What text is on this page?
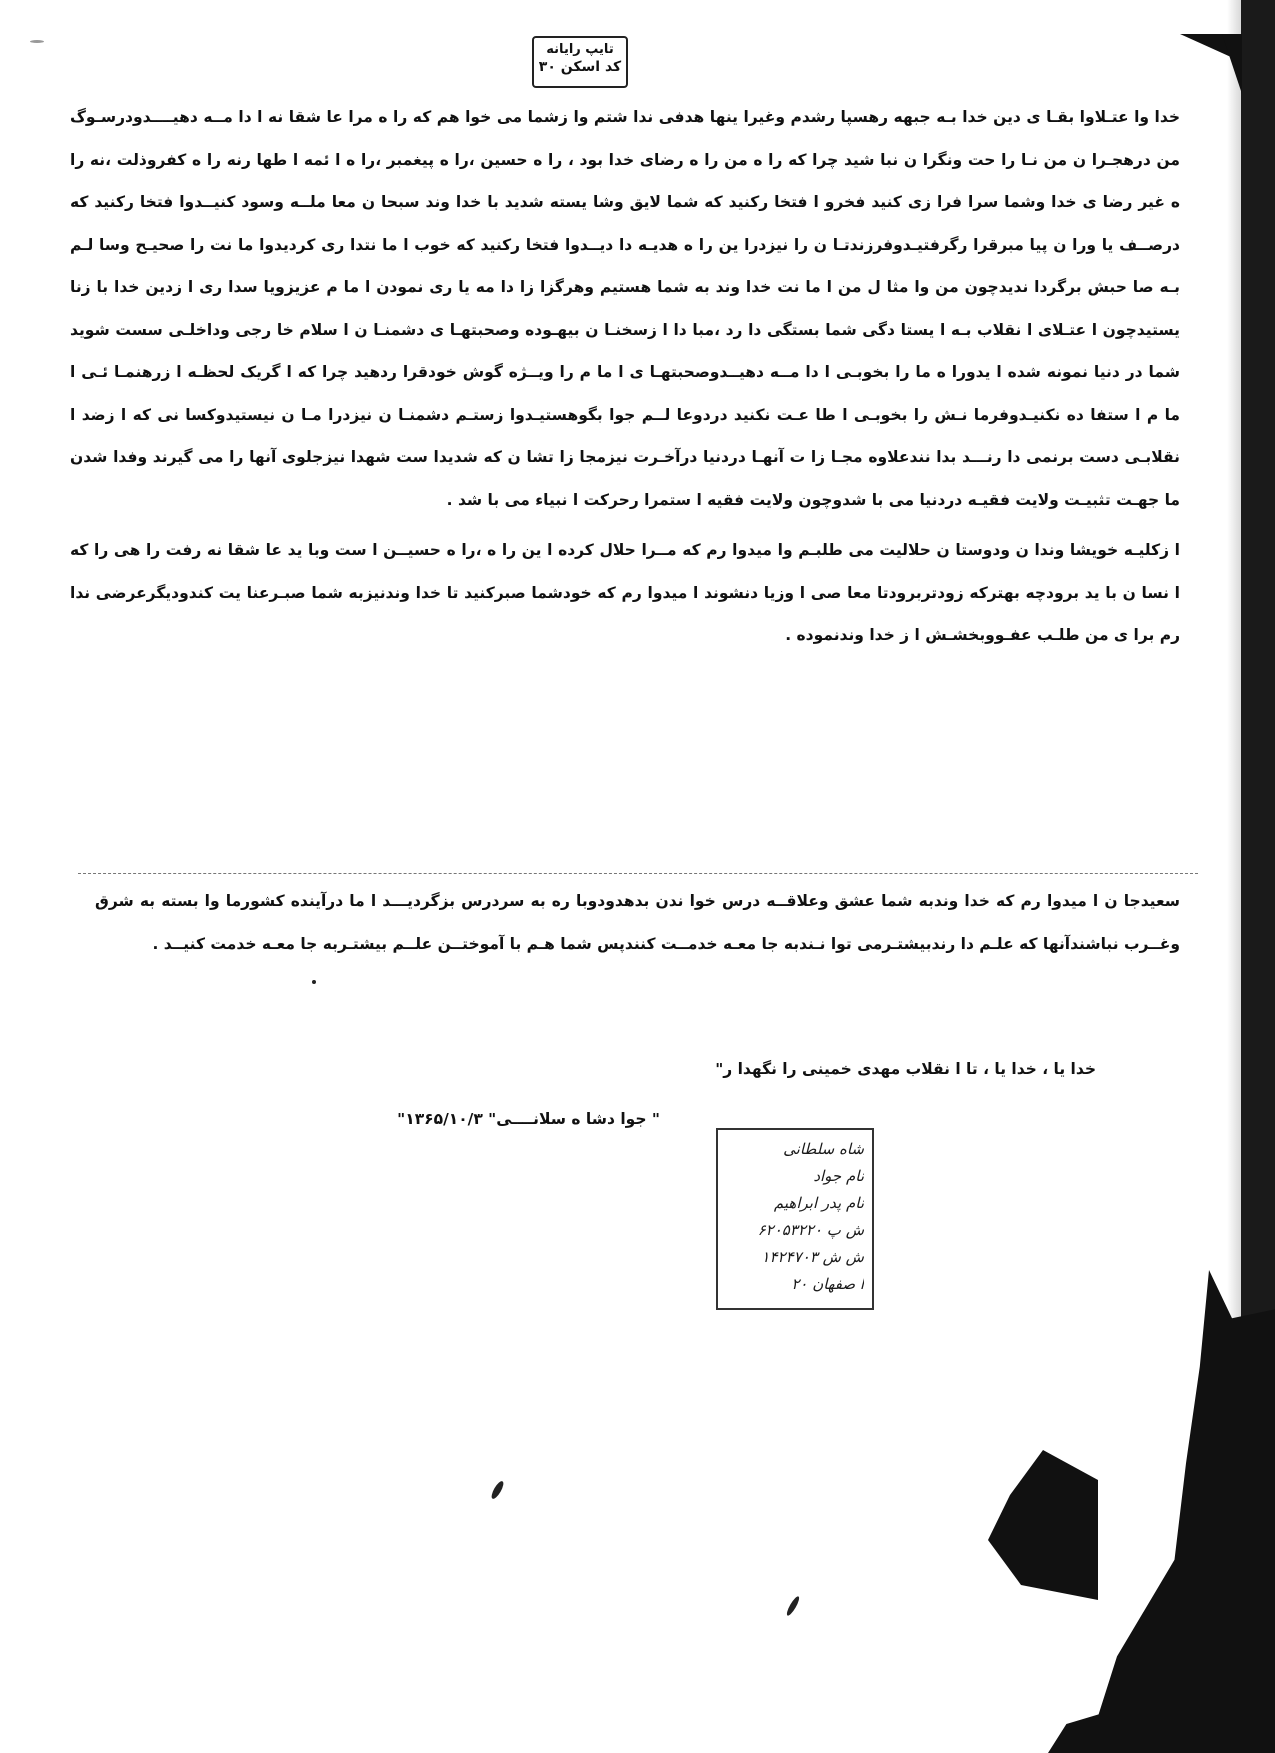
تایپ رایانه
کد اسکن ۳۰

خدا وا عتـلاوا بقـا ی دین خدا بـه جبهه رهسپا رشدم وغیرا ینها هدفی ندا شتم وا زشما می خوا هم که را ه مرا عا شقا نه ا دا مــه دهیــــدودرسـوگ من درهجـرا ن من نـا را حت ونگرا ن نبا شید چرا که را ه من را ه رضای خدا بود ، را ه حسین ،را ه پیغمبر ،را ه ا ئمه ا طها رنه را ه کفروذلت ،نه را ه غیر رضا ی خدا وشما سرا فرا زی کنید فخرو ا فتخا رکنید که شما لایق وشا یسته شدید با خدا وند سبحا ن معا ملــه وسود کنیــدوا فتخا رکنید که درصــف یا ورا ن پیا مبرقرا رگرفتیـدوفرزندتـا ن را نیزدرا ین را ه هدیـه دا دیــدوا فتخا رکنید که خوب ا ما نتدا ری کردیدوا ما نت را صحیـح وسا لـم بـه صا حبش برگردا ندیدچون من وا مثا ل من ا ما نت خدا وند به شما هستیم وهرگزا زا دا مه یا ری نمودن ا ما م عزیزویا سدا ری ا زدین خدا با زنا یستیدچون ا عتـلای ا نقلاب بـه ا یستا دگی شما بستگی دا رد ،مبا دا ا زسخنـا ن بیهـوده وصحبتهـا ی دشمنـا ن ا سلام خا رجی وداخلـی سست شوید شما در دنیا نمونه شده ا یدورا ه ما را بخوبـی ا دا مــه دهیــدوصحبتهـا ی ا ما م را ویــژه گوش خودقرا ردهید چرا که ا گریک لحظـه ا زرهنمـا ئـی ا ما م ا ستفا ده نکنیـدوفرما نـش را بخوبـی ا طا عـت نکنید دردوعا لــم جوا بگوهستیـدوا زستـم دشمنـا ن نیزدرا مـا ن نیستیدوکسا نی که ا زضد ا نقلابـی دست برنمی دا رنـــد بدا نندعلاوه مجـا زا ت آنهـا دردنیا درآخـرت نیزمجا زا تشا ن که شدیدا ست شهدا نیزجلوی آنها را می گیرند وفدا شدن ما جهـت تثبیـت ولایت فقیـه دردنیا می با شدوچون ولایت فقیه ا ستمرا رحرکت ا نبیاء می با شد .

ا زکلیـه خویشا وندا ن ودوستا ن حلالیت می طلبـم وا میدوا رم که مــرا حلال کرده ا ین را ه ،را ه حسیــن ا ست وبا ید عا شقا نه رفت را هی را که ا نسا ن با ید برودچه بهترکه زودتربرودتا معا صی ا وزیا دنشوند ا میدوا رم که خودشما صبرکنید تا خدا وندنیزبه شما صبـرعنا یت کندودیگرعرضی ندا رم برا ی من طلـب عفـووبخشـش ا ز خدا وندنموده .

سعیدجا ن ا میدوا رم که خدا وندبه شما عشق وعلاقــه درس خوا ندن بدهدودوبا ره به سردرس بزگردیـــد ا ما درآینده کشورما وا بسته به شرق وغــرب نباشندآنها که علـم دا رندبیشتـرمی توا نـندبه جا معـه خدمــت کنندپس شما هـم با آموختــن علــم بیشتـربه جا معـه خدمت کنیــد .

خدا یا ، خدا یا ، تا ا نقلاب مهدی خمینی را نگهدا ر"
" جوا دشا ه سلانــــی" ۱۳۶۵/۱۰/۳"
شاه سلطانی
نام جواد
نام پدر ابراهیم
ش پ ۶۲۰۵۳۲۲۰
ش ش ۱۴۲۴۷۰۳
ا صفهان ۲۰
